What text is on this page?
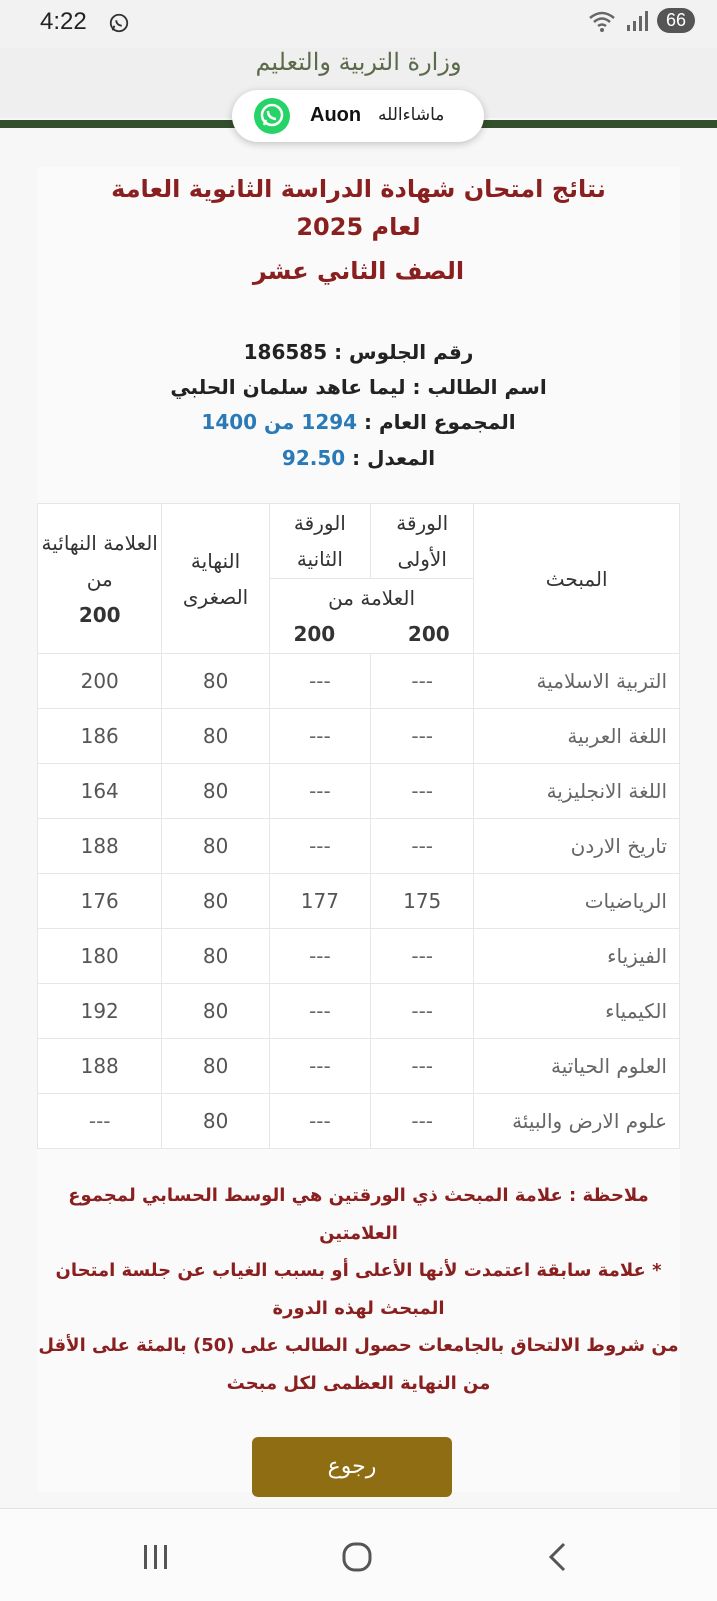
4:22	66
وزارة التربية والتعليم
Auon ماشاءالله
نتائج امتحان شهادة الدراسة الثانوية العامة
لعام 2025
الصف الثاني عشر
رقم الجلوس : 186585
اسم الطالب : ليما عاهد سلمان الحلبي
المجموع العام : 1294 من 1400
المعدل : 92.50
المبحث	الورقة الأولى	الورقة الثانية	النهاية الصغرى	العلامة النهائية من
200
	العلامة من
200  200			
التربية الاسلامية	---	---	80	200
اللغة العربية	---	---	80	186
اللغة الانجليزية	---	---	80	164
تاريخ الاردن	---	---	80	188
الرياضيات	175	177	80	176
الفيزياء	---	---	80	180
الكيمياء	---	---	80	192
العلوم الحياتية	---	---	80	188
علوم الارض والبيئة	---	---	80	---
ملاحظة : علامة المبحث ذي الورقتين هي الوسط الحسابي لمجموع العلامتين
* علامة سابقة اعتمدت لأنها الأعلى أو بسبب الغياب عن جلسة امتحان المبحث لهذه الدورة
من شروط الالتحاق بالجامعات حصول الطالب على (50) بالمئة على الأقل من النهاية العظمى لكل مبحث
رجوع
